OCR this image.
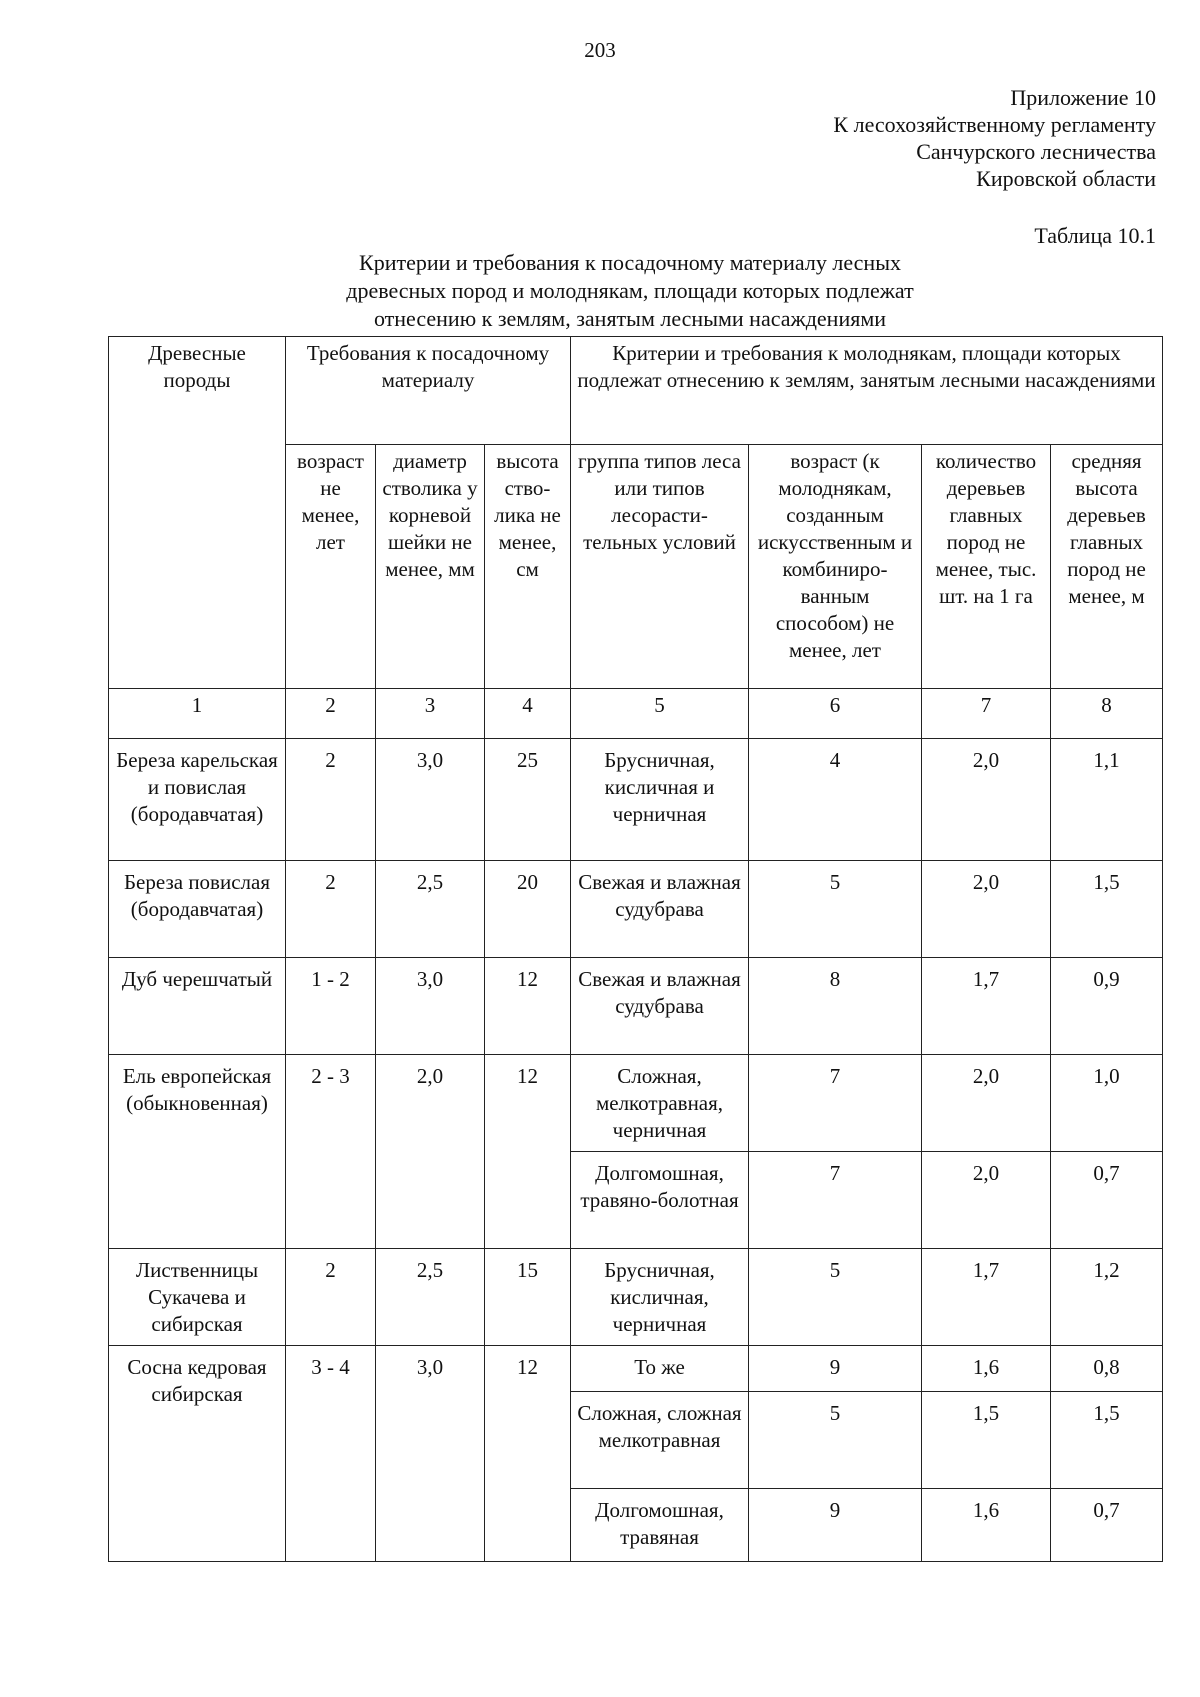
203
Приложение 10
К лесохозяйственному регламенту
Санчурского лесничества
Кировской области
Таблица 10.1
Критерии и требования к посадочному материалу лесных
древесных пород и молоднякам, площади которых подлежат
отнесению к землям, занятым лесными насаждениями
Древесные породы	Требования к посадочному материалу			Критерии и требования к молоднякам, площади которых подлежат отнесению к землям, занятым лесными насаждениями			
	возраст не менее, лет	диаметр стволика у корневой шейки не менее, мм	высота ство-лика не менее, см	группа типов леса или типов лесорасти-тельных условий	возраст (к молоднякам, созданным искусственным и комбиниро-ванным способом) не менее, лет	количество деревьев главных пород не менее, тыс. шт. на 1 га	средняя высота деревьев главных пород не менее, м
1	2	3	4	5	6	7	8
Береза карельская и повислая (бородавчатая)	2	3,0	25	Брусничная, кисличная и черничная	4	2,0	1,1
Береза повислая (бородавчатая)	2	2,5	20	Свежая и влажная судубрава	5	2,0	1,5
Дуб черешчатый	1 - 2	3,0	12	Свежая и влажная судубрава	8	1,7	0,9
Ель европейская (обыкновенная)	2 - 3	2,0	12	Сложная, мелкотравная, черничная	7	2,0	1,0
				Долгомошная, травяно-болотная	7	2,0	0,7
Лиственницы Сукачева и сибирская	2	2,5	15	Брусничная, кисличная, черничная	5	1,7	1,2
Сосна кедровая сибирская	3 - 4	3,0	12	То же	9	1,6	0,8
				Сложная, сложная мелкотравная	5	1,5	1,5
				Долгомошная, травяная	9	1,6	0,7
